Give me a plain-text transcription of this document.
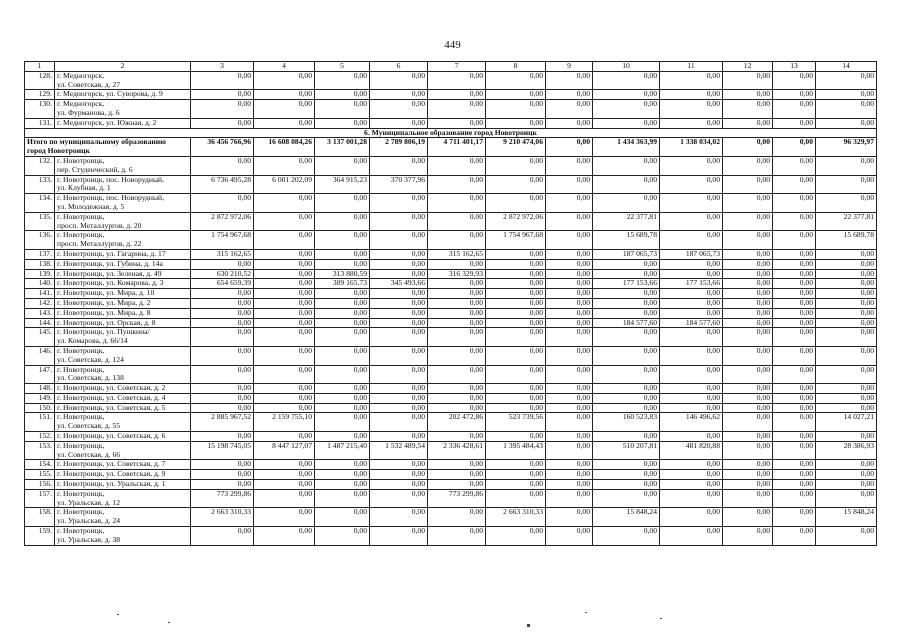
449
1	2	3	4	5	6	7	8	9	10	11	12	13	14
128.	г. Медногорск,
ул. Советская, д. 27	0,00	0,00	0,00	0,00	0,00	0,00	0,00	0,00	0,00	0,00	0,00	0,00
129.	г. Медногорск, ул. Суворова, д. 9	0,00	0,00	0,00	0,00	0,00	0,00	0,00	0,00	0,00	0,00	0,00	0,00
130.	г. Медногорск,
ул. Фурманова, д. 6	0,00	0,00	0,00	0,00	0,00	0,00	0,00	0,00	0,00	0,00	0,00	0,00
131.	г. Медногорск, ул. Южная, д. 2	0,00	0,00	0,00	0,00	0,00	0,00	0,00	0,00	0,00	0,00	0,00	0,00
6. Муниципальное образование город Новотроицк													
Итого по муниципальному образованию
город Новотроицк		36 456 766,96	16 608 084,26	3 137 001,28	2 789 806,19	4 711 401,17	9 210 474,06	0,00	1 434 363,99	1 338 034,02	0,00	0,00	96 329,97
132.	г. Новотроицк,
пер. Студенческий, д. 6	0,00	0,00	0,00	0,00	0,00	0,00	0,00	0,00	0,00	0,00	0,00	0,00
133.	г. Новотроицк, пос. Новорудный,
ул. Клубная, д. 1	6 736 495,28	6 001 202,09	364 915,23	370 377,96	0,00	0,00	0,00	0,00	0,00	0,00	0,00	0,00
134.	г. Новотроицк, пос. Новорудный,
ул. Молодежная, д. 5	0,00	0,00	0,00	0,00	0,00	0,00	0,00	0,00	0,00	0,00	0,00	0,00
135.	г. Новотроицк,
просп. Металлургов, д. 20	2 872 972,06	0,00	0,00	0,00	0,00	2 872 972,06	0,00	22 377,81	0,00	0,00	0,00	22 377,81
136.	г. Новотроицк,
просп. Металлургов, д. 22	1 754 967,68	0,00	0,00	0,00	0,00	1 754 967,68	0,00	15 689,78	0,00	0,00	0,00	15 689,78
137.	г. Новотроицк, ул. Гагарина, д. 17	315 162,65	0,00	0,00	0,00	315 162,65	0,00	0,00	187 065,73	187 065,73	0,00	0,00	0,00
138.	г. Новотроицк, ул. Губина, д. 14а	0,00	0,00	0,00	0,00	0,00	0,00	0,00	0,00	0,00	0,00	0,00	0,00
139.	г. Новотроицк, ул. Зеленая, д. 49	630 210,52	0,00	313 880,59	0,00	316 329,93	0,00	0,00	0,00	0,00	0,00	0,00	0,00
140.	г. Новотроицк, ул. Комарова, д. 3	654 659,39	0,00	309 165,73	345 493,66	0,00	0,00	0,00	177 153,66	177 153,66	0,00	0,00	0,00
141.	г. Новотроицк, ул. Мира, д. 10	0,00	0,00	0,00	0,00	0,00	0,00	0,00	0,00	0,00	0,00	0,00	0,00
142.	г. Новотроицк, ул. Мира, д. 2	0,00	0,00	0,00	0,00	0,00	0,00	0,00	0,00	0,00	0,00	0,00	0,00
143.	г. Новотроицк, ул. Мира, д. 8	0,00	0,00	0,00	0,00	0,00	0,00	0,00	0,00	0,00	0,00	0,00	0,00
144.	г. Новотроицк, ул. Орская, д. 8	0,00	0,00	0,00	0,00	0,00	0,00	0,00	184 577,60	184 577,60	0,00	0,00	0,00
145.	г. Новотроицк, ул. Пушкина/
ул. Комарова, д. 66/14	0,00	0,00	0,00	0,00	0,00	0,00	0,00	0,00	0,00	0,00	0,00	0,00
146.	г. Новотроицк,
ул. Советская, д. 124	0,00	0,00	0,00	0,00	0,00	0,00	0,00	0,00	0,00	0,00	0,00	0,00
147.	г. Новотроицк,
ул. Советская, д. 138	0,00	0,00	0,00	0,00	0,00	0,00	0,00	0,00	0,00	0,00	0,00	0,00
148.	г. Новотроицк, ул. Советская, д. 2	0,00	0,00	0,00	0,00	0,00	0,00	0,00	0,00	0,00	0,00	0,00	0,00
149.	г. Новотроицк, ул. Советская, д. 4	0,00	0,00	0,00	0,00	0,00	0,00	0,00	0,00	0,00	0,00	0,00	0,00
150.	г. Новотроицк, ул. Советская, д. 5	0,00	0,00	0,00	0,00	0,00	0,00	0,00	0,00	0,00	0,00	0,00	0,00
151.	г. Новотроицк,
ул. Советская, д. 55	2 885 967,52	2 159 755,10	0,00	0,00	202 472,86	523 739,56	0,00	160 523,83	146 496,62	0,00	0,00	14 027,21
152.	г. Новотроицк, ул. Советская, д. 6	0,00	0,00	0,00	0,00	0,00	0,00	0,00	0,00	0,00	0,00	0,00	0,00
153.	г. Новотроицк,
ул. Советская, д. 66	15 198 745,05	8 447 127,07	1 487 215,40	1 532 489,54	2 336 428,61	1 395 484,43	0,00	510 207,81	481 820,88	0,00	0,00	28 386,93
154.	г. Новотроицк, ул. Советская, д. 7	0,00	0,00	0,00	0,00	0,00	0,00	0,00	0,00	0,00	0,00	0,00	0,00
155.	г. Новотроицк, ул. Советская, д. 9	0,00	0,00	0,00	0,00	0,00	0,00	0,00	0,00	0,00	0,00	0,00	0,00
156.	г. Новотроицк, ул. Уральская, д. 1	0,00	0,00	0,00	0,00	0,00	0,00	0,00	0,00	0,00	0,00	0,00	0,00
157.	г. Новотроицк,
ул. Уральская, д. 12	773 299,86	0,00	0,00	0,00	773 299,86	0,00	0,00	0,00	0,00	0,00	0,00	0,00
158.	г. Новотроицк,
ул. Уральская, д. 24	2 663 310,33	0,00	0,00	0,00	0,00	2 663 310,33	0,00	15 848,24	0,00	0,00	0,00	15 848,24
159.	г. Новотроицк,
ул. Уральская, д. 38	0,00	0,00	0,00	0,00	0,00	0,00	0,00	0,00	0,00	0,00	0,00	0,00
